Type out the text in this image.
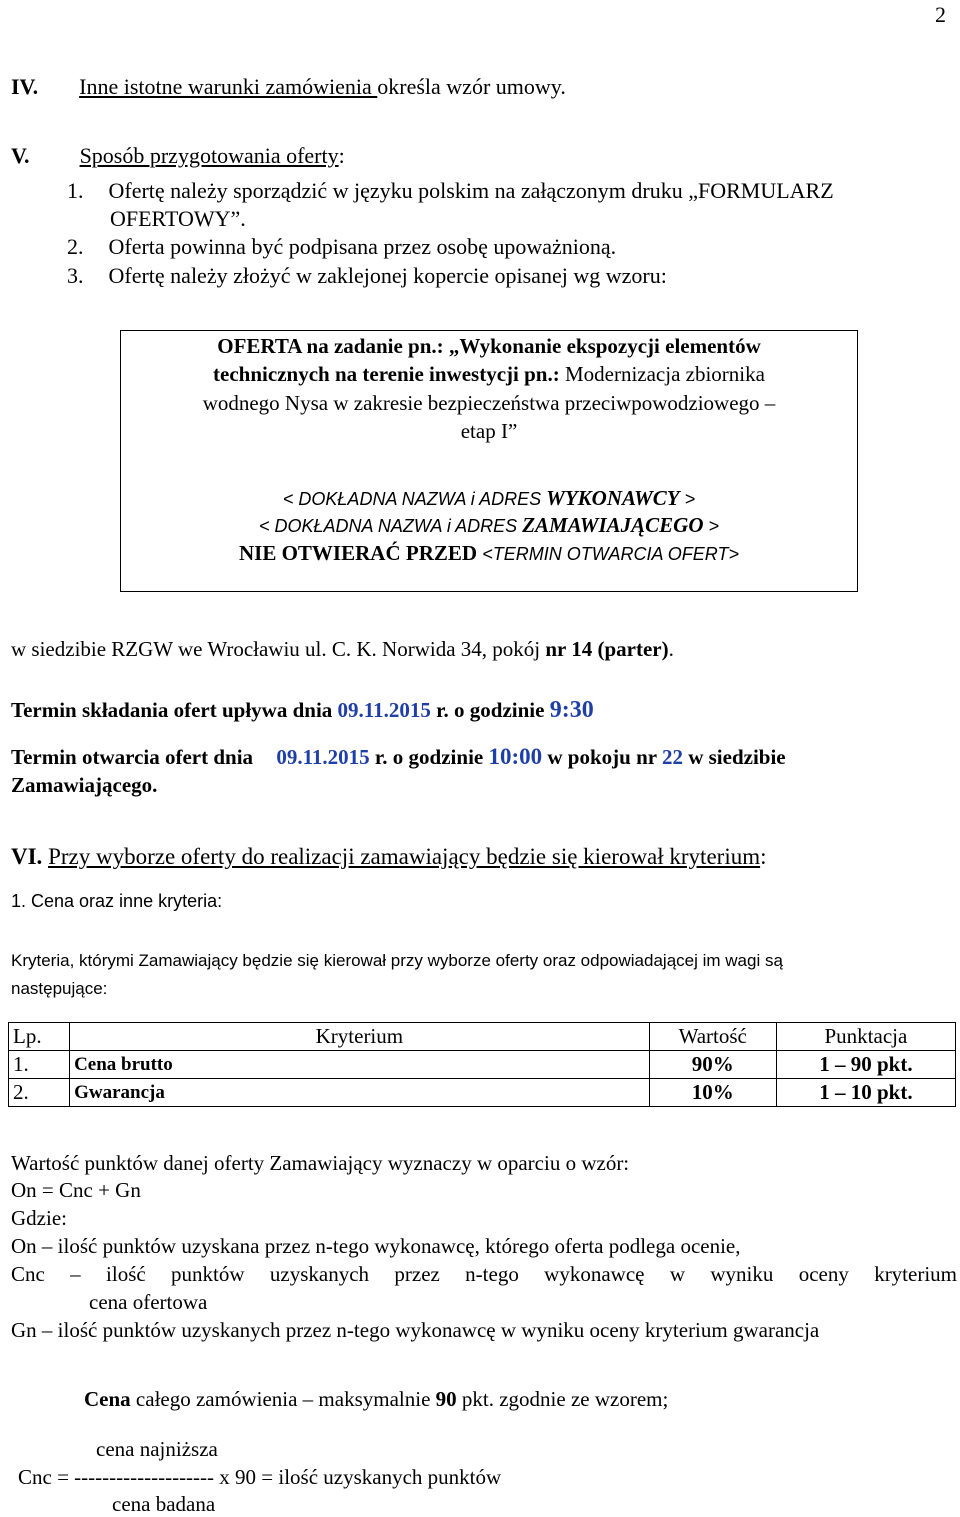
2
IV. Inne istotne warunki zamówienia określa wzór umowy.
V. Sposób przygotowania oferty:
1. Ofertę należy sporządzić w języku polskim na załączonym druku „FORMULARZ
OFERTOWY”.
2. Oferta powinna być podpisana przez osobę upoważnioną.
3. Ofertę należy złożyć w zaklejonej kopercie opisanej wg wzoru:
OFERTA na zadanie pn.: „Wykonanie ekspozycji elementów
technicznych na terenie inwestycji pn.: Modernizacja zbiornika
wodnego Nysa w zakresie bezpieczeństwa przeciwpowodziowego –
etap I”
< DOKŁADNA NAZWA i ADRES WYKONAWCY >
< DOKŁADNA NAZWA i ADRES ZAMAWIAJĄCEGO >
NIE OTWIERAĆ PRZED <TERMIN OTWARCIA OFERT>
w siedzibie RZGW we Wrocławiu ul. C. K. Norwida 34, pokój nr 14 (parter).
Termin składania ofert upływa dnia 09.11.2015 r. o godzinie 9:30
Termin otwarcia ofert dnia 09.11.2015 r. o godzinie 10:00 w pokoju nr 22 w siedzibie
Zamawiającego.
VI. Przy wyborze oferty do realizacji zamawiający będzie się kierował kryterium:
1. Cena oraz inne kryteria:
Kryteria, którymi Zamawiający będzie się kierował przy wyborze oferty oraz odpowiadającej im wagi są
następujące:
Lp.	Kryterium	Wartość	Punktacja
1.	Cena brutto	90%	1 – 90 pkt.
2.	Gwarancja	10%	1 – 10 pkt.
Wartość punktów danej oferty Zamawiający wyznaczy w oparciu o wzór:
On = Cnc + Gn
Gdzie:
On – ilość punktów uzyskana przez n-tego wykonawcę, którego oferta podlega ocenie,
Cnc – ilość punktów uzyskanych przez n-tego wykonawcę w wyniku oceny kryterium
cena ofertowa
Gn – ilość punktów uzyskanych przez n-tego wykonawcę w wyniku oceny kryterium gwarancja
Cena całego zamówienia – maksymalnie 90 pkt. zgodnie ze wzorem;
cena najniższa
Cnc = -------------------- x 90 = ilość uzyskanych punktów
cena badana
